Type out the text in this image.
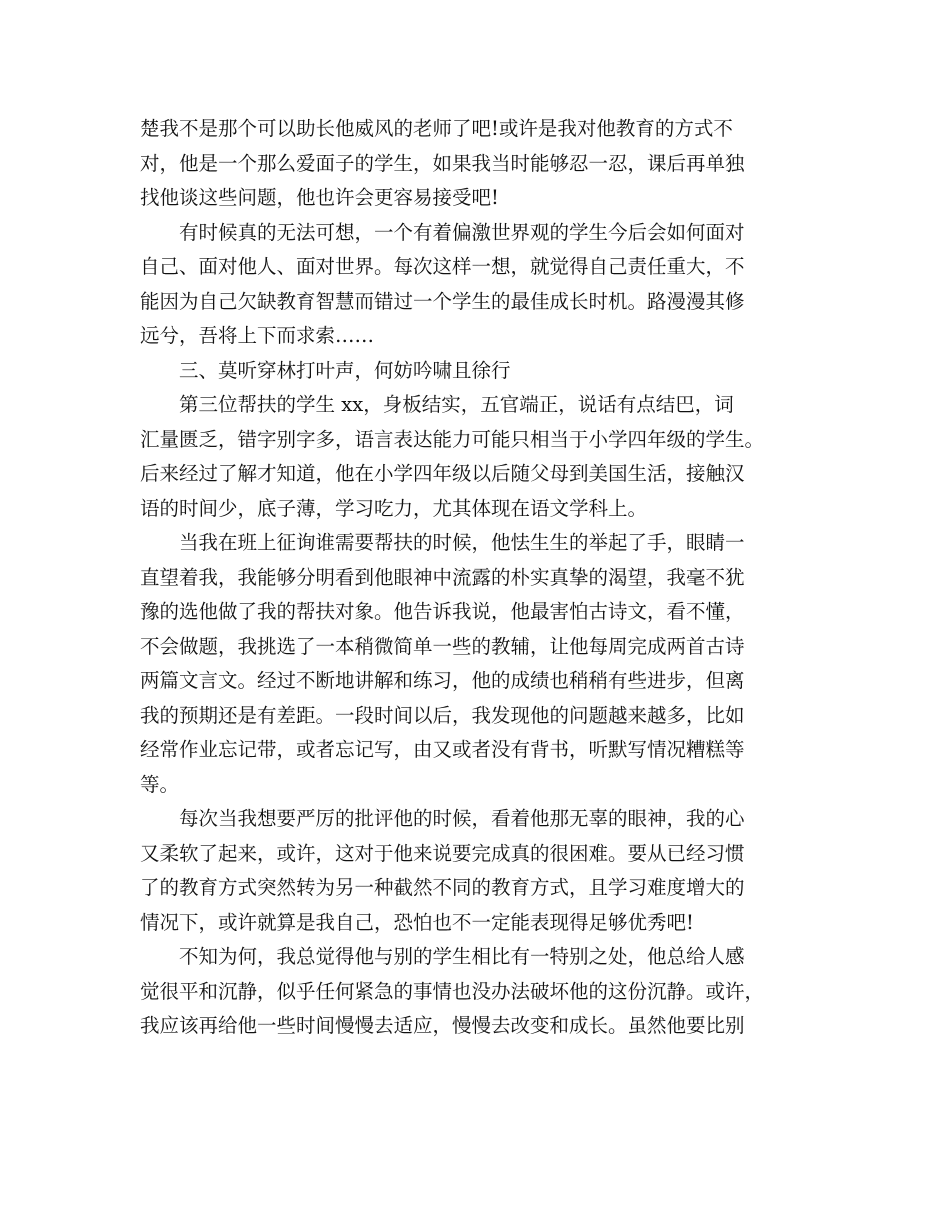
楚我不是那个可以助长他威风的老师了吧!或许是我对他教育的方式不

对，他是一个那么爱面子的学生，如果我当时能够忍一忍，课后再单独

找他谈这些问题，他也许会更容易接受吧!

　　有时候真的无法可想，一个有着偏激世界观的学生今后会如何面对

自己、面对他人、面对世界。每次这样一想，就觉得自己责任重大，不

能因为自己欠缺教育智慧而错过一个学生的最佳成长时机。路漫漫其修

远兮，吾将上下而求索……

　　三、莫听穿林打叶声，何妨吟啸且徐行

　　第三位帮扶的学生 xx，身板结实，五官端正，说话有点结巴，词

汇量匮乏，错字别字多，语言表达能力可能只相当于小学四年级的学生。

后来经过了解才知道，他在小学四年级以后随父母到美国生活，接触汉

语的时间少，底子薄，学习吃力，尤其体现在语文学科上。

　　当我在班上征询谁需要帮扶的时候，他怯生生的举起了手，眼睛一

直望着我，我能够分明看到他眼神中流露的朴实真挚的渴望，我毫不犹

豫的选他做了我的帮扶对象。他告诉我说，他最害怕古诗文，看不懂，

不会做题，我挑选了一本稍微简单一些的教辅，让他每周完成两首古诗

两篇文言文。经过不断地讲解和练习，他的成绩也稍稍有些进步，但离

我的预期还是有差距。一段时间以后，我发现他的问题越来越多，比如

经常作业忘记带，或者忘记写，由又或者没有背书，听默写情况糟糕等

等。

　　每次当我想要严厉的批评他的时候，看着他那无辜的眼神，我的心

又柔软了起来，或许，这对于他来说要完成真的很困难。要从已经习惯

了的教育方式突然转为另一种截然不同的教育方式，且学习难度增大的

情况下，或许就算是我自己，恐怕也不一定能表现得足够优秀吧!

　　不知为何，我总觉得他与别的学生相比有一特别之处，他总给人感

觉很平和沉静，似乎任何紧急的事情也没办法破坏他的这份沉静。或许，

我应该再给他一些时间慢慢去适应，慢慢去改变和成长。虽然他要比别
